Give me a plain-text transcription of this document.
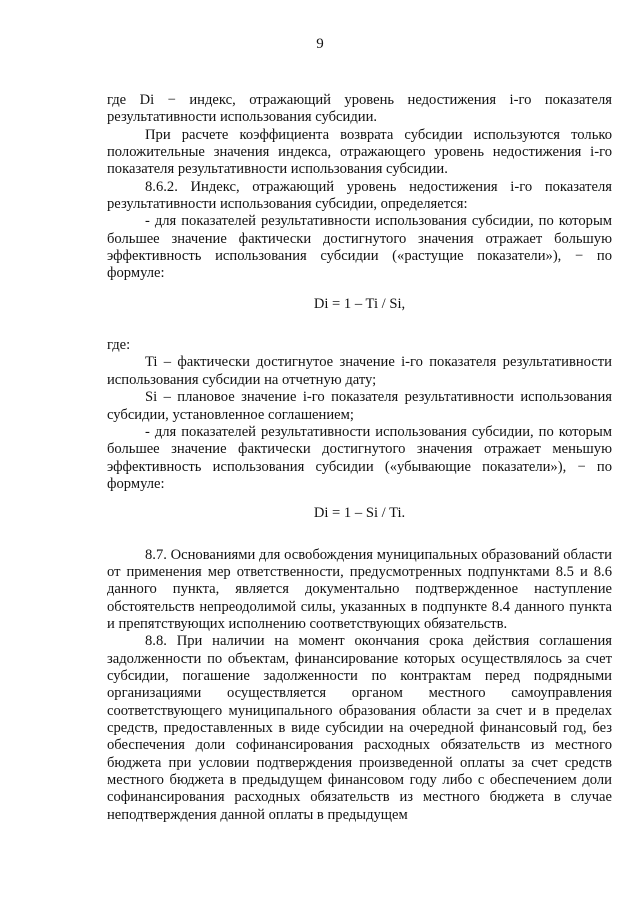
9

где Di − индекс, отражающий уровень недостижения i-го показателя результативности использования субсидии.

При расчете коэффициента возврата субсидии используются только положительные значения индекса, отражающего уровень недостижения i-го показателя результативности использования субсидии.

8.6.2. Индекс, отражающий уровень недостижения i-го показателя результативности использования субсидии, определяется:

- для показателей результативности использования субсидии, по которым большее значение фактически достигнутого значения отражает большую эффективность использования субсидии («растущие показатели»), − по формуле:

Di = 1 – Ti / Si,

где:

Ti – фактически достигнутое значение i-го показателя результативности использования субсидии на отчетную дату;

Si – плановое значение i-го показателя результативности использования субсидии, установленное соглашением;

- для показателей результативности использования субсидии, по которым большее значение фактически достигнутого значения отражает меньшую эффективность использования субсидии («убывающие показатели»), − по формуле:

Di = 1 – Si / Ti.

8.7. Основаниями для освобождения муниципальных образований области от применения мер ответственности, предусмотренных подпунктами 8.5 и 8.6 данного пункта, является документально подтвержденное наступление обстоятельств непреодолимой силы, указанных в подпункте 8.4 данного пункта и препятствующих исполнению соответствующих обязательств.

8.8. При наличии на момент окончания срока действия соглашения задолженности по объектам, финансирование которых осуществлялось за счет субсидии, погашение задолженности по контрактам перед подрядными организациями осуществляется органом местного самоуправления соответствующего муниципального образования области за счет и в пределах средств, предоставленных в виде субсидии на очередной финансовый год, без обеспечения доли софинансирования расходных обязательств из местного бюджета при условии подтверждения произведенной оплаты за счет средств местного бюджета в предыдущем финансовом году либо с обеспечением доли софинансирования расходных обязательств из местного бюджета в случае неподтверждения данной оплаты в предыдущем
